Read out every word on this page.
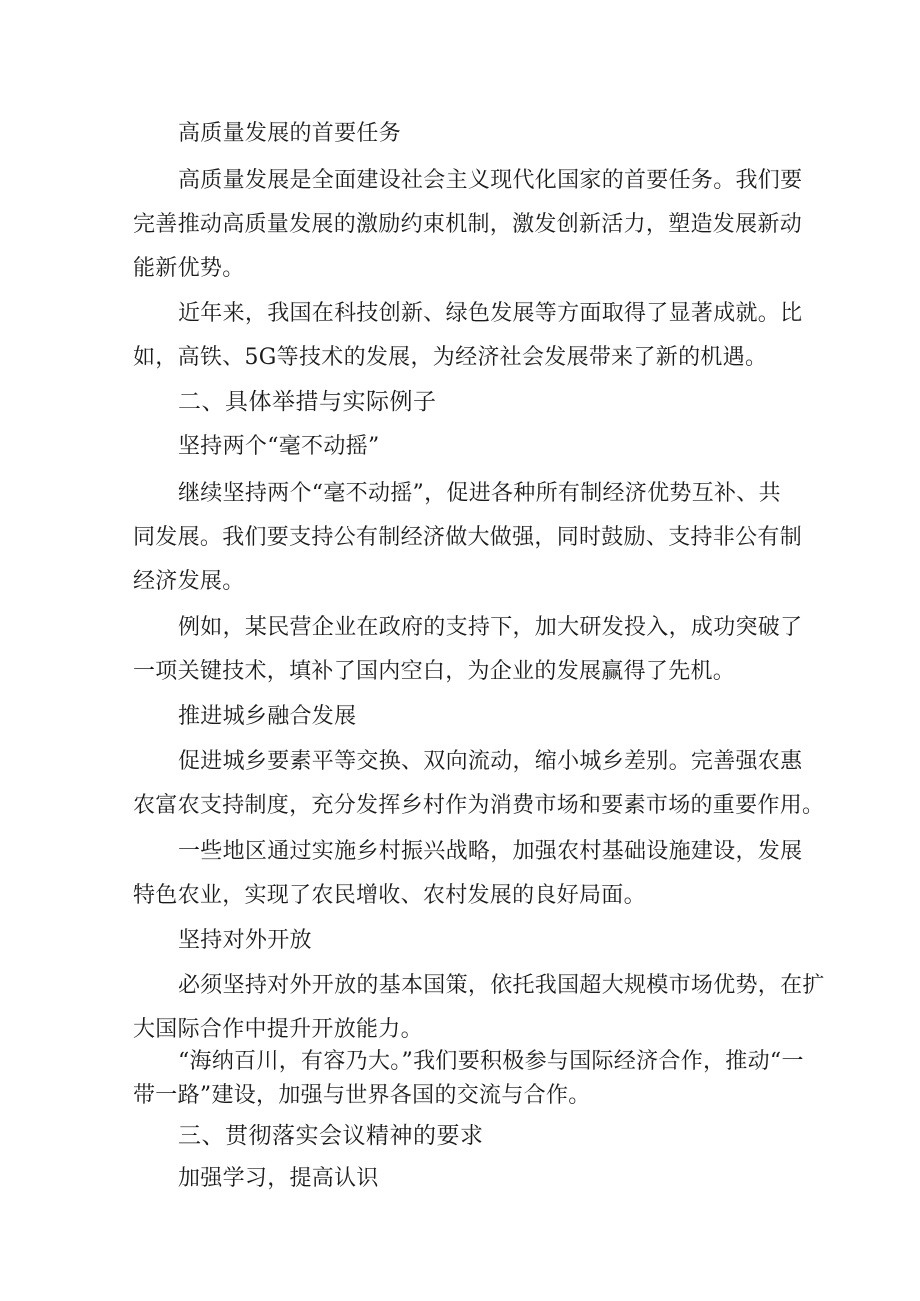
高质量发展的首要任务
高质量发展是全面建设社会主义现代化国家的首要任务。我们要
完善推动高质量发展的激励约束机制，激发创新活力，塑造发展新动
能新优势。
近年来，我国在科技创新、绿色发展等方面取得了显著成就。比
如，高铁、5G等技术的发展，为经济社会发展带来了新的机遇。
二、具体举措与实际例子
坚持两个“毫不动摇”
继续坚持两个“毫不动摇”，促进各种所有制经济优势互补、共
同发展。我们要支持公有制经济做大做强，同时鼓励、支持非公有制
经济发展。
例如，某民营企业在政府的支持下，加大研发投入，成功突破了
一项关键技术，填补了国内空白，为企业的发展赢得了先机。
推进城乡融合发展
促进城乡要素平等交换、双向流动，缩小城乡差别。完善强农惠
农富农支持制度，充分发挥乡村作为消费市场和要素市场的重要作用。
一些地区通过实施乡村振兴战略，加强农村基础设施建设，发展
特色农业，实现了农民增收、农村发展的良好局面。
坚持对外开放
必须坚持对外开放的基本国策，依托我国超大规模市场优势，在扩
大国际合作中提升开放能力。
“海纳百川，有容乃大。”我们要积极参与国际经济合作，推动“一
带一路”建设，加强与世界各国的交流与合作。
三、贯彻落实会议精神的要求
加强学习，提高认识
